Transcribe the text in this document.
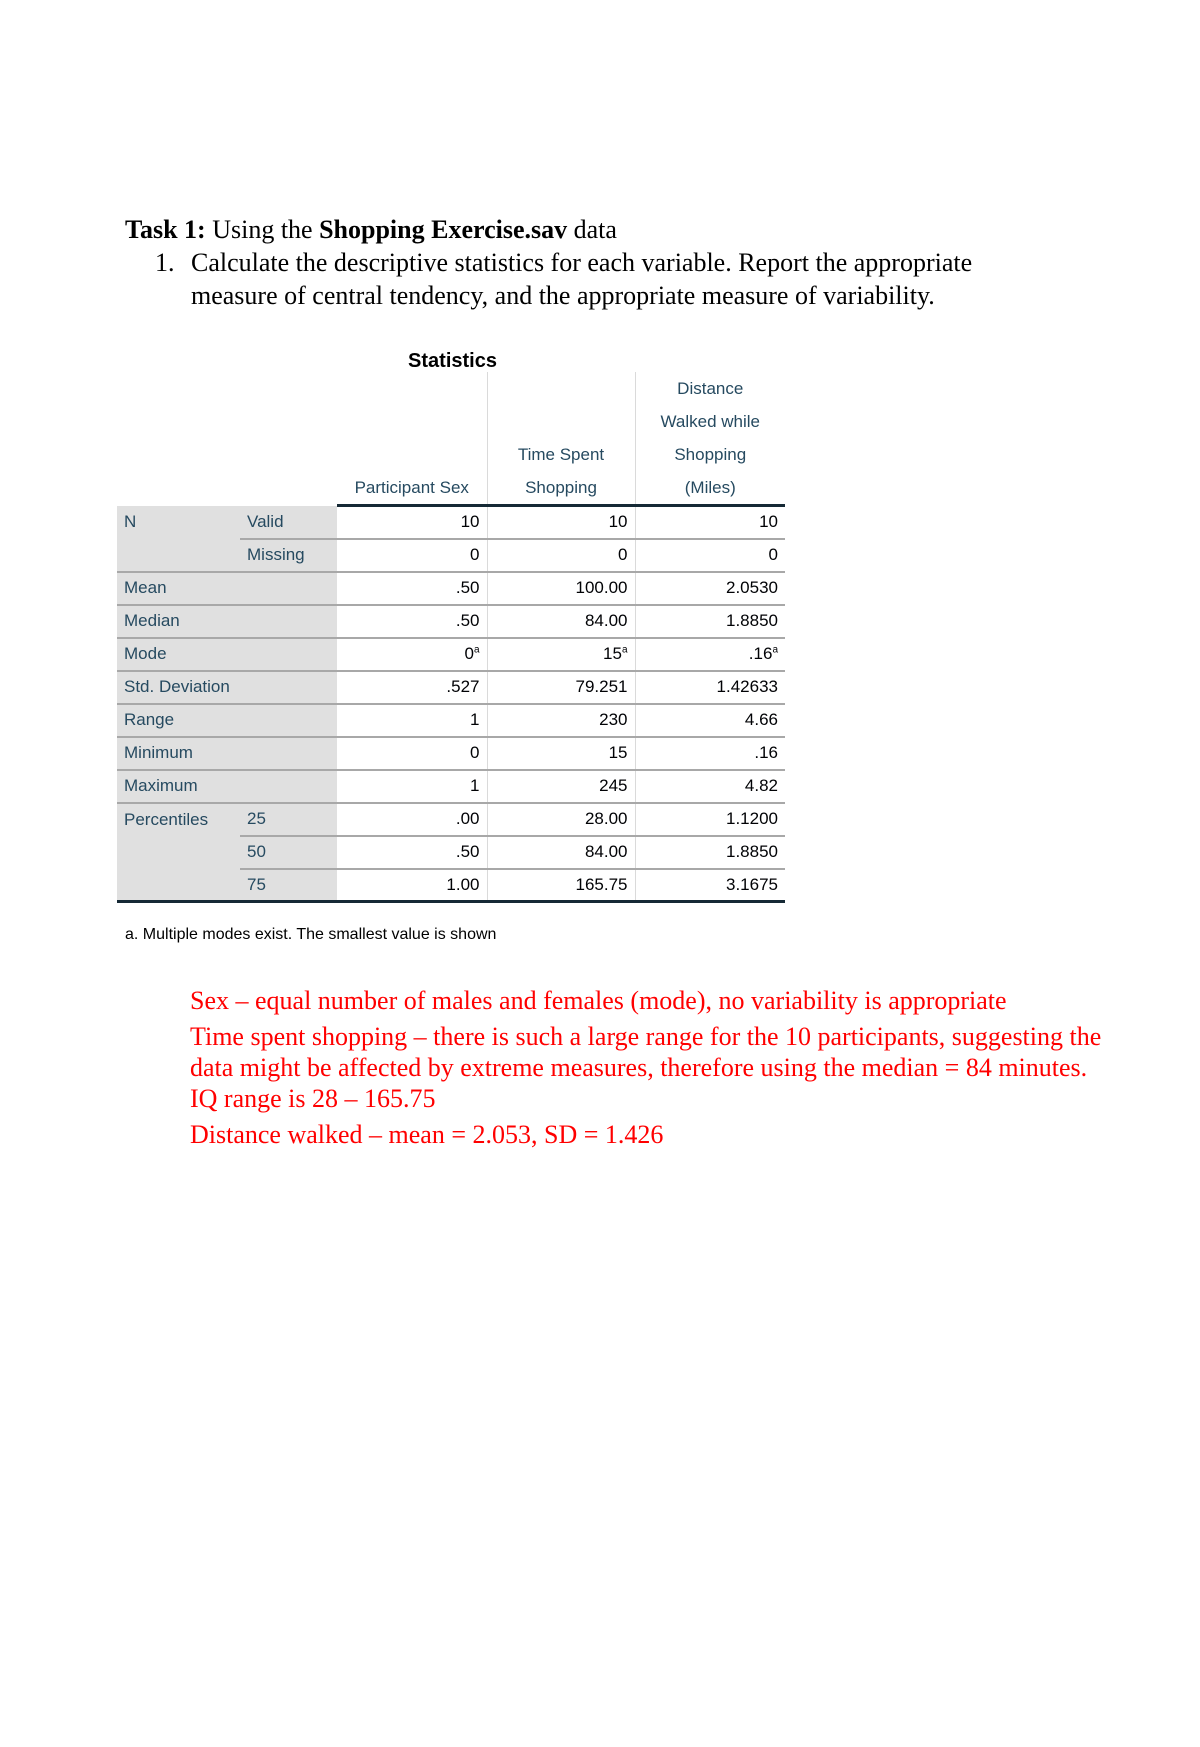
Task 1: Using the Shopping Exercise.sav data
1. Calculate the descriptive statistics for each variable. Report the appropriate measure of central tendency, and the appropriate measure of variability.
Statistics
		Participant Sex	Time Spent Shopping	Distance Walked while Shopping (Miles)
N	Valid	10	10	10
	Missing	0	0	0
Mean		.50	100.00	2.0530
Median		.50	84.00	1.8850
Mode		0$^a$	15$^a$	.16$^a$
Std. Deviation		.527	79.251	1.42633
Range		1	230	4.66
Minimum		0	15	.16
Maximum		1	245	4.82
Percentiles	25	.00	28.00	1.1200
	50	.50	84.00	1.8850
	75	1.00	165.75	3.1675
a. Multiple modes exist. The smallest value is shown

Sex – equal number of males and females (mode), no variability is appropriate

Time spent shopping – there is such a large range for the 10 participants, suggesting the data might be affected by extreme measures, therefore using the median = 84 minutes. IQ range is 28 – 165.75

Distance walked – mean = 2.053, SD = 1.426
